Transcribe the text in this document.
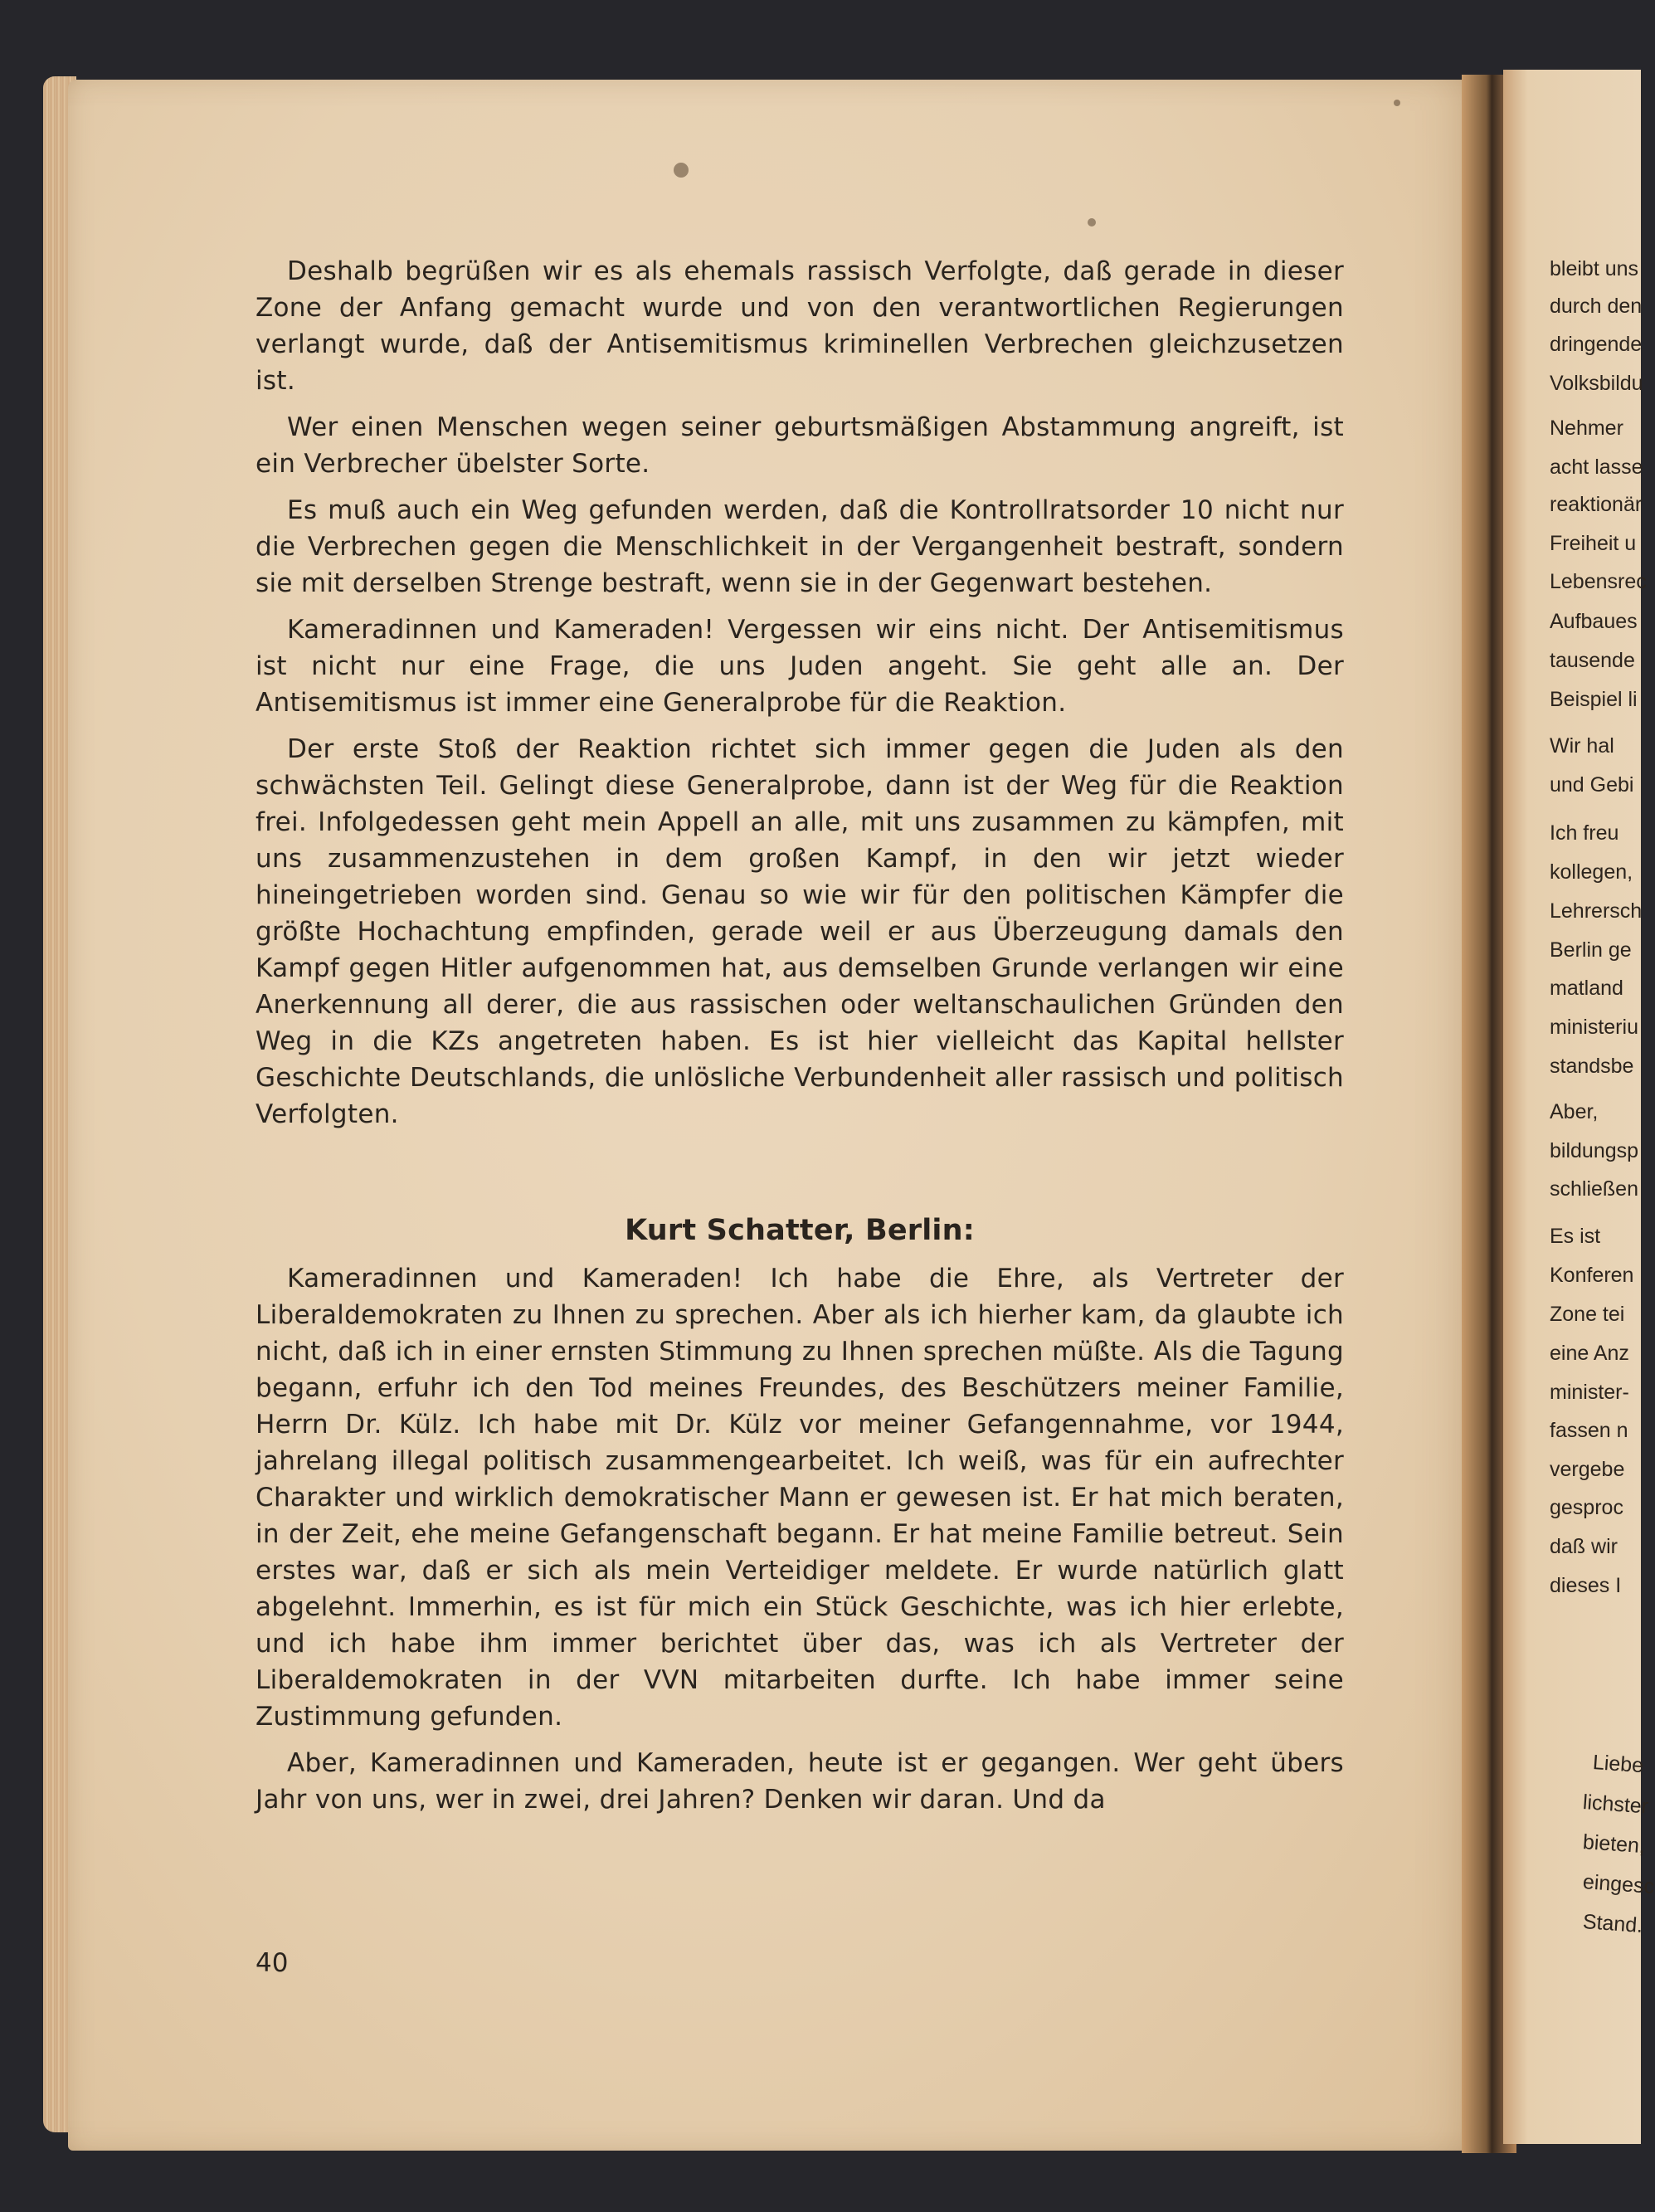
Deshalb begrüßen wir es als ehemals rassisch Verfolgte, daß gerade in dieser Zone der Anfang gemacht wurde und von den verantwortlichen Regierungen verlangt wurde, daß der Antisemitismus kriminellen Verbrechen gleichzusetzen ist.

Wer einen Menschen wegen seiner geburtsmäßigen Abstammung angreift, ist ein Verbrecher übelster Sorte.

Es muß auch ein Weg gefunden werden, daß die Kontrollratsorder 10 nicht nur die Verbrechen gegen die Menschlichkeit in der Vergangenheit bestraft, sondern sie mit derselben Strenge bestraft, wenn sie in der Gegenwart bestehen.

Kameradinnen und Kameraden! Vergessen wir eins nicht. Der Antisemitismus ist nicht nur eine Frage, die uns Juden angeht. Sie geht alle an. Der Antisemitismus ist immer eine Generalprobe für die Reaktion.

Der erste Stoß der Reaktion richtet sich immer gegen die Juden als den schwächsten Teil. Gelingt diese Generalprobe, dann ist der Weg für die Reaktion frei. Infolgedessen geht mein Appell an alle, mit uns zusammen zu kämpfen, mit uns zusammenzustehen in dem großen Kampf, in den wir jetzt wieder hineingetrieben worden sind. Genau so wie wir für den politischen Kämpfer die größte Hochachtung empfinden, gerade weil er aus Überzeugung damals den Kampf gegen Hitler aufgenommen hat, aus demselben Grunde verlangen wir eine Anerkennung all derer, die aus rassischen oder weltanschaulichen Gründen den Weg in die KZs angetreten haben. Es ist hier vielleicht das Kapital hellster Geschichte Deutschlands, die unlösliche Verbundenheit aller rassisch und politisch Verfolgten.

Kurt Schatter, Berlin:

Kameradinnen und Kameraden! Ich habe die Ehre, als Vertreter der Liberaldemokraten zu Ihnen zu sprechen. Aber als ich hierher kam, da glaubte ich nicht, daß ich in einer ernsten Stimmung zu Ihnen sprechen müßte. Als die Tagung begann, erfuhr ich den Tod meines Freundes, des Beschützers meiner Familie, Herrn Dr. Külz. Ich habe mit Dr. Külz vor meiner Gefangennahme, vor 1944, jahrelang illegal politisch zusammengearbeitet. Ich weiß, was für ein aufrechter Charakter und wirklich demokratischer Mann er gewesen ist. Er hat mich beraten, in der Zeit, ehe meine Gefangenschaft begann. Er hat meine Familie betreut. Sein erstes war, daß er sich als mein Verteidiger meldete. Er wurde natürlich glatt abgelehnt. Immerhin, es ist für mich ein Stück Geschichte, was ich hier erlebte, und ich habe ihm immer berichtet über das, was ich als Vertreter der Liberaldemokraten in der VVN mitarbeiten durfte. Ich habe immer seine Zustimmung gefunden.

Aber, Kameradinnen und Kameraden, heute ist er gegangen. Wer geht übers Jahr von uns, wer in zwei, drei Jahren? Denken wir daran. Und da

40
bleibt uns
durch den
dringende
Volksbildu
Nehmer
acht lasse
reaktionär
Freiheit u
Lebensrec
Aufbaues
tausende
Beispiel li
Wir hal
und Gebi
Ich freu
kollegen,
Lehrersch
Berlin ge
matland
ministeriu
standsbe
Aber,
bildungsp
schließen
Es ist
Konferen
Zone tei
eine Anz
minister-
fassen n
vergebe
gesproc
daß wir
dieses I
Liebe
lichster
bieten,
eingesc
Stand.
